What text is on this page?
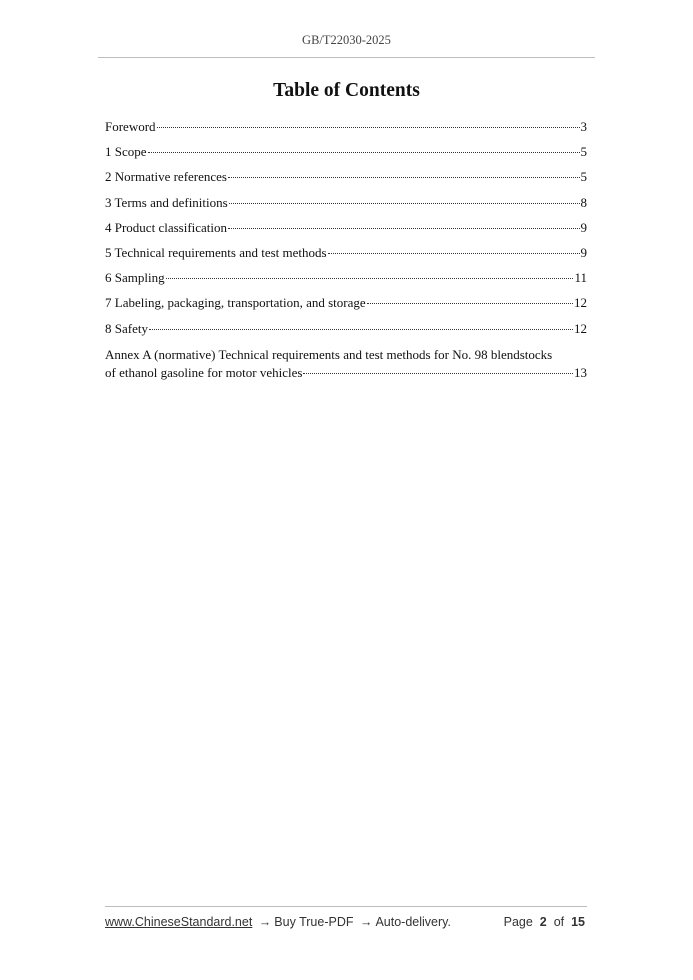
GB/T22030-2025
Table of Contents
Foreword	3
1 Scope	5
2 Normative references	5
3 Terms and definitions	8
4 Product classification	9
5 Technical requirements and test methods	9
6 Sampling	11
7 Labeling, packaging, transportation, and storage	12
8 Safety	12
Annex A (normative) Technical requirements and test methods for No. 98 blendstocks
of ethanol gasoline for motor vehicles	13
www.ChineseStandard.net → Buy True-PDF → Auto-delivery.	Page 2 of 15
